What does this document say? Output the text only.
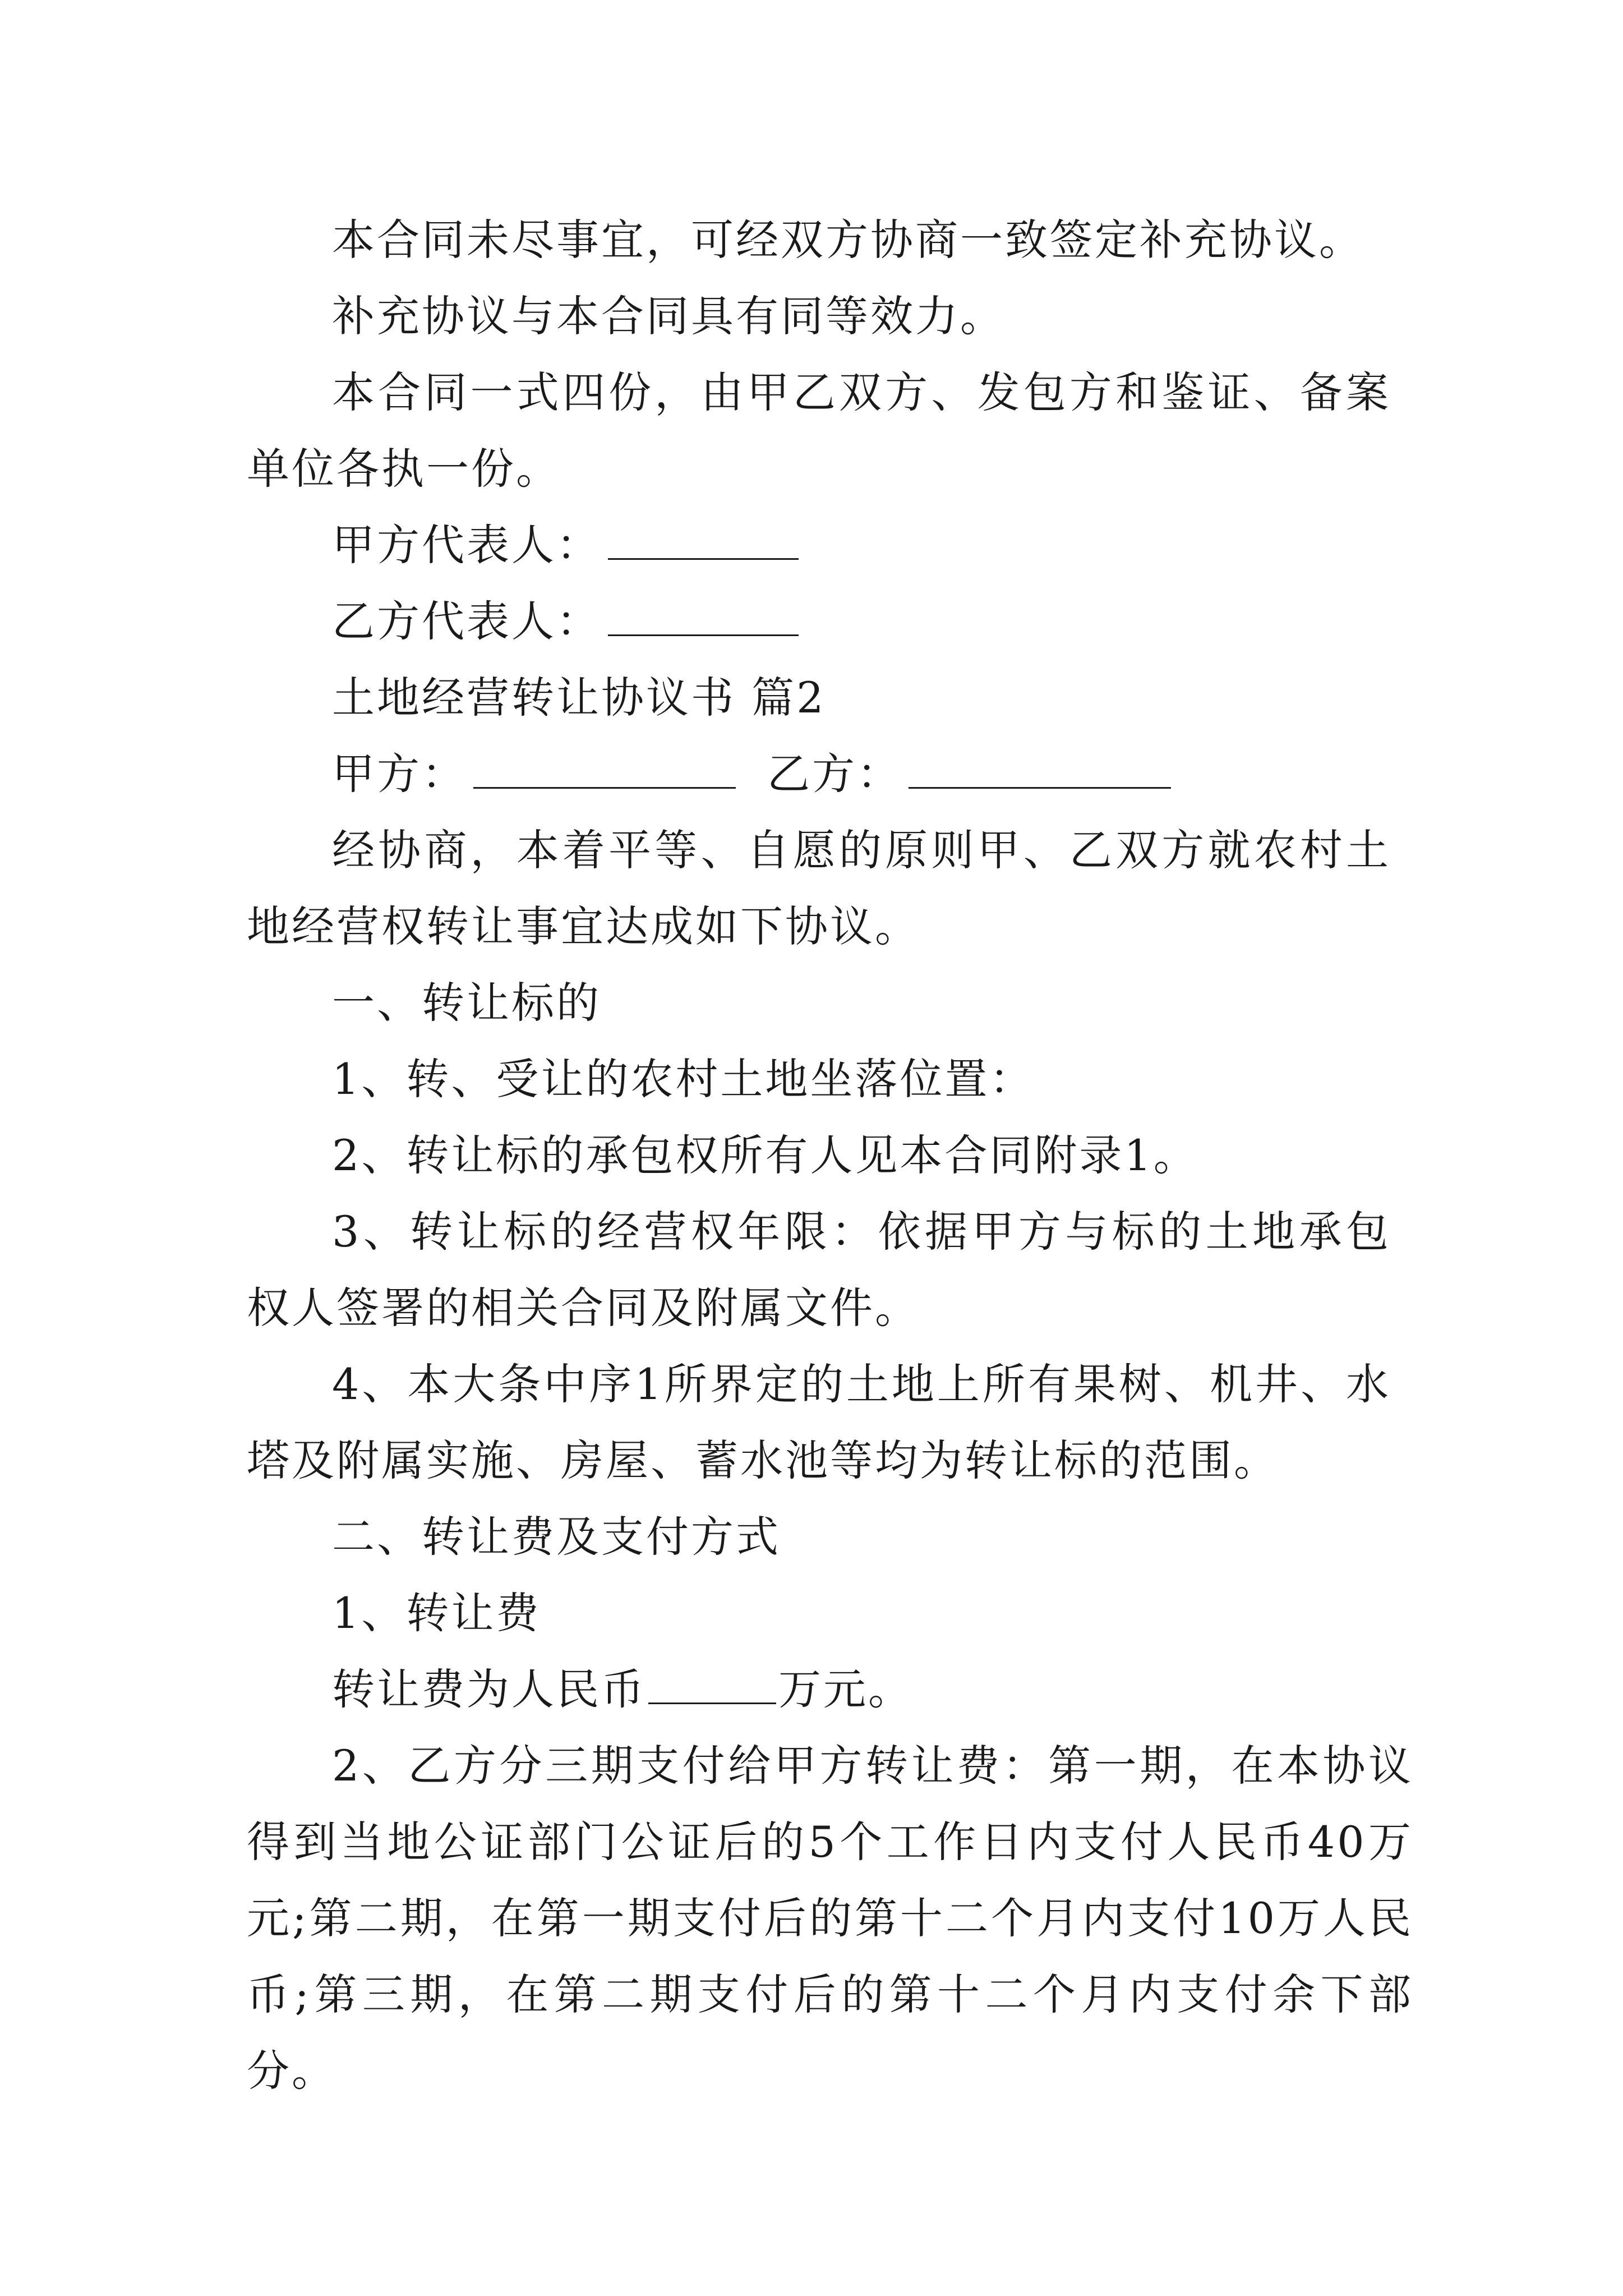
本合同未尽事宜，可经双方协商一致签定补充协议。

补充协议与本合同具有同等效力。

本合同一式四份，由甲乙双方、发包方和鉴证、备案单位各执一份。

甲方代表人：

乙方代表人：

土地经营转让协议书 篇2

甲方：	乙方：

经协商，本着平等、自愿的原则甲、乙双方就农村土地经营权转让事宜达成如下协议。

一、转让标的

1、转、受让的农村土地坐落位置：

2、转让标的承包权所有人见本合同附录1。

3、转让标的经营权年限：依据甲方与标的土地承包权人签署的相关合同及附属文件。

4、本大条中序1所界定的土地上所有果树、机井、水塔及附属实施、房屋、蓄水池等均为转让标的范围。

二、转让费及支付方式

1、转让费

转让费为人民币	万元。

2、乙方分三期支付给甲方转让费：第一期，在本协议得到当地公证部门公证后的5个工作日内支付人民币40万元;第二期，在第一期支付后的第十二个月内支付10万人民币;第三期，在第二期支付后的第十二个月内支付余下部分。
